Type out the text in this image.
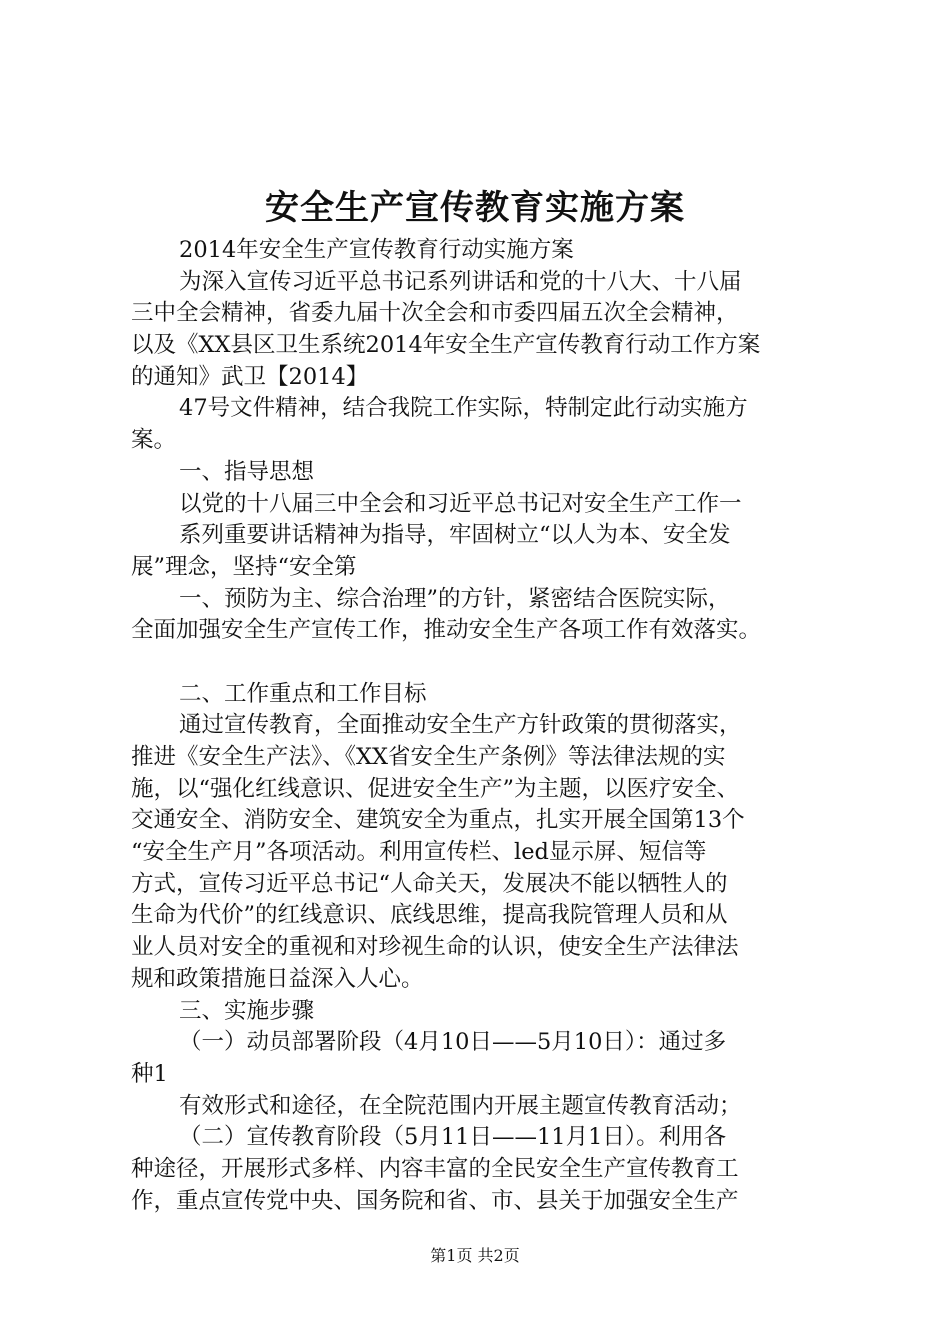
安全生产宣传教育实施方案
2014年安全生产宣传教育行动实施方案
为深入宣传习近平总书记系列讲话和党的十八大、十八届
三中全会精神，省委九届十次全会和市委四届五次全会精神，
以及《XX县区卫生系统2014年安全生产宣传教育行动工作方案
的通知》武卫【2014】
47号文件精神，结合我院工作实际，特制定此行动实施方
案。
一、指导思想
以党的十八届三中全会和习近平总书记对安全生产工作一
系列重要讲话精神为指导，牢固树立“以人为本、安全发
展”理念，坚持“安全第
一、预防为主、综合治理”的方针，紧密结合医院实际，
全面加强安全生产宣传工作，推动安全生产各项工作有效落实。
二、工作重点和工作目标
通过宣传教育，全面推动安全生产方针政策的贯彻落实，
推进《安全生产法》、《XX省安全生产条例》等法律法规的实
施，以“强化红线意识、促进安全生产”为主题，以医疗安全、
交通安全、消防安全、建筑安全为重点，扎实开展全国第13个
“安全生产月”各项活动。利用宣传栏、led显示屏、短信等
方式，宣传习近平总书记“人命关天，发展决不能以牺牲人的
生命为代价”的红线意识、底线思维，提高我院管理人员和从
业人员对安全的重视和对珍视生命的认识，使安全生产法律法
规和政策措施日益深入人心。
三、实施步骤
（一）动员部署阶段（4月10日——5月10日）：通过多
种1
有效形式和途径，在全院范围内开展主题宣传教育活动；
（二）宣传教育阶段（5月11日——11月1日）。利用各
种途径，开展形式多样、内容丰富的全民安全生产宣传教育工
作，重点宣传党中央、国务院和省、市、县关于加强安全生产
第1页 共2页
